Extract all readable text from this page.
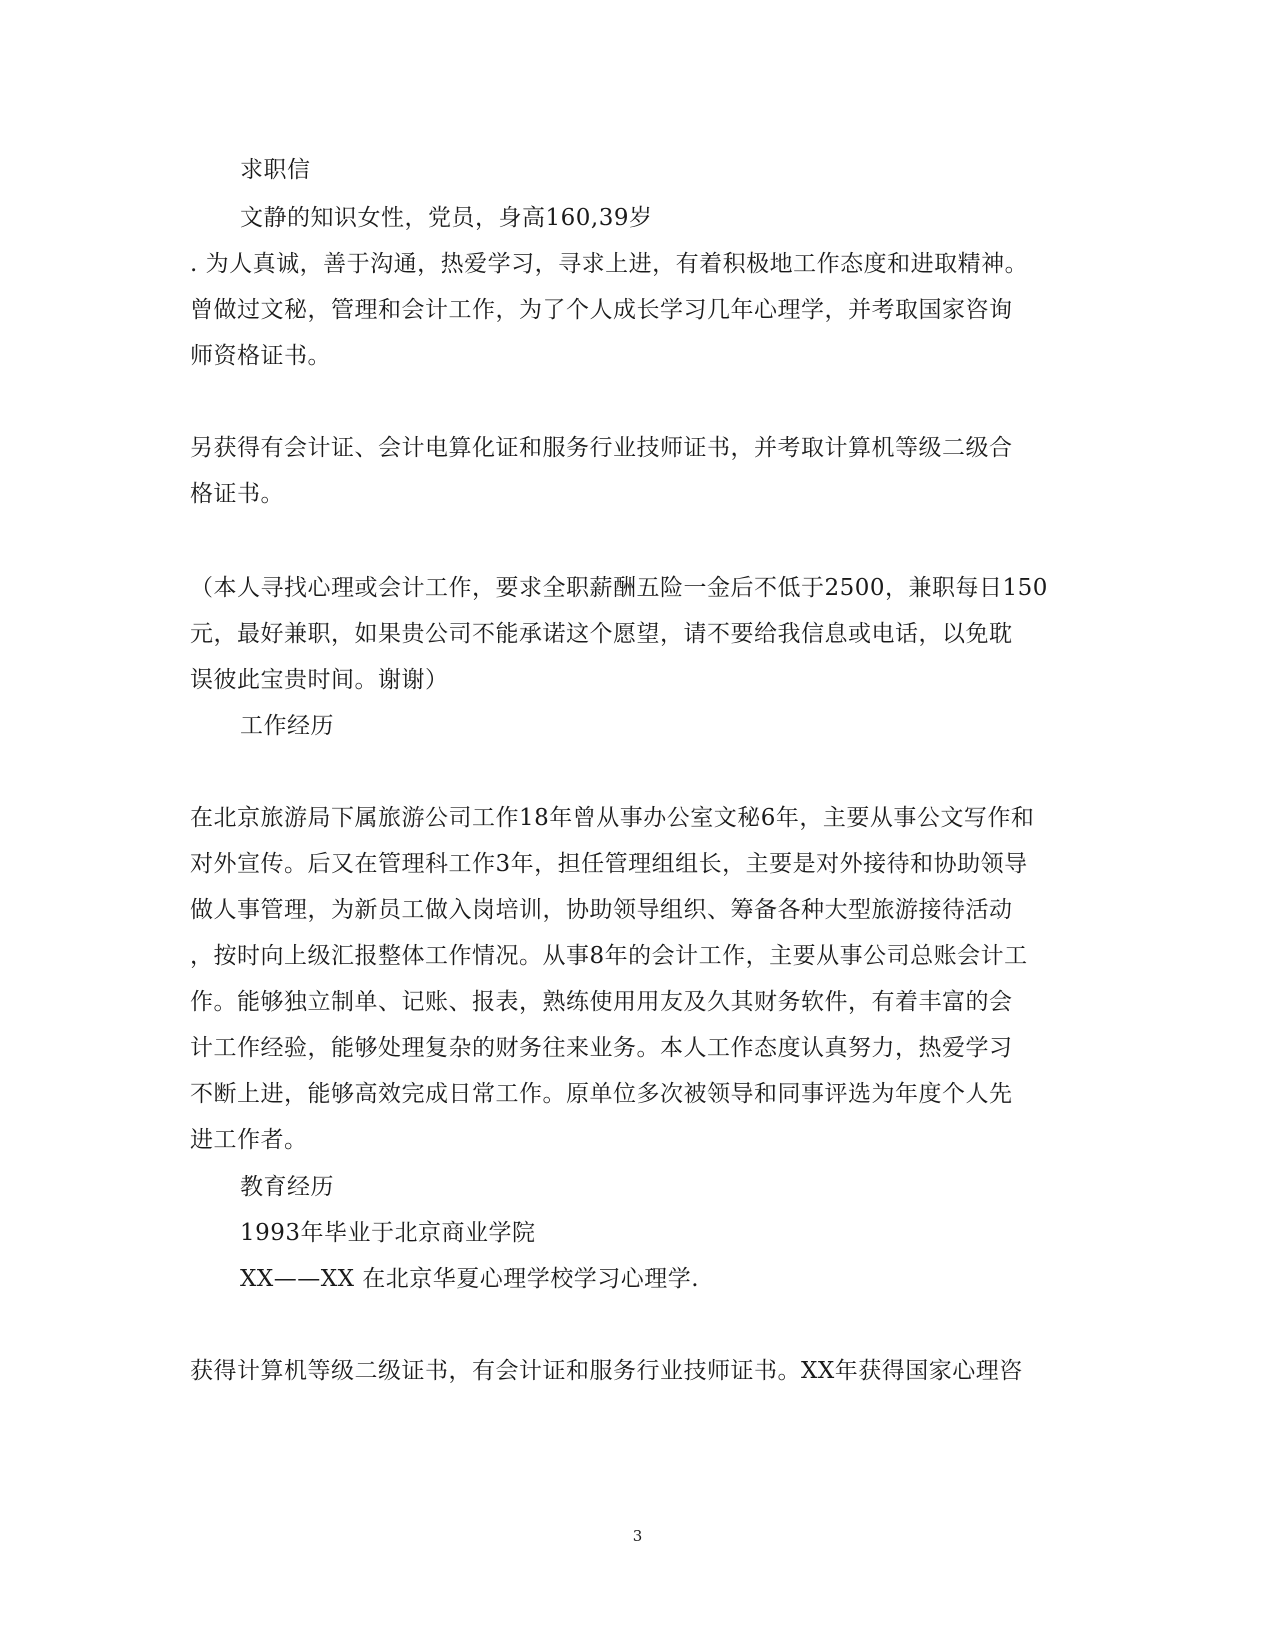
求职信
文静的知识女性，党员，身高160,39岁
. 为人真诚，善于沟通，热爱学习，寻求上进，有着积极地工作态度和进取精神。
曾做过文秘，管理和会计工作，为了个人成长学习几年心理学，并考取国家咨询
师资格证书。
另获得有会计证、会计电算化证和服务行业技师证书，并考取计算机等级二级合
格证书。
（本人寻找心理或会计工作，要求全职薪酬五险一金后不低于2500，兼职每日150
元，最好兼职，如果贵公司不能承诺这个愿望，请不要给我信息或电话，以免耽
误彼此宝贵时间。谢谢）
工作经历
在北京旅游局下属旅游公司工作18年曾从事办公室文秘6年，主要从事公文写作和
对外宣传。后又在管理科工作3年，担任管理组组长，主要是对外接待和协助领导
做人事管理，为新员工做入岗培训，协助领导组织、筹备各种大型旅游接待活动
，按时向上级汇报整体工作情况。从事8年的会计工作，主要从事公司总账会计工
作。能够独立制单、记账、报表，熟练使用用友及久其财务软件，有着丰富的会
计工作经验，能够处理复杂的财务往来业务。本人工作态度认真努力，热爱学习
不断上进，能够高效完成日常工作。原单位多次被领导和同事评选为年度个人先
进工作者。
教育经历
1993年毕业于北京商业学院
XX——XX 在北京华夏心理学校学习心理学.
获得计算机等级二级证书，有会计证和服务行业技师证书。XX年获得国家心理咨
3
